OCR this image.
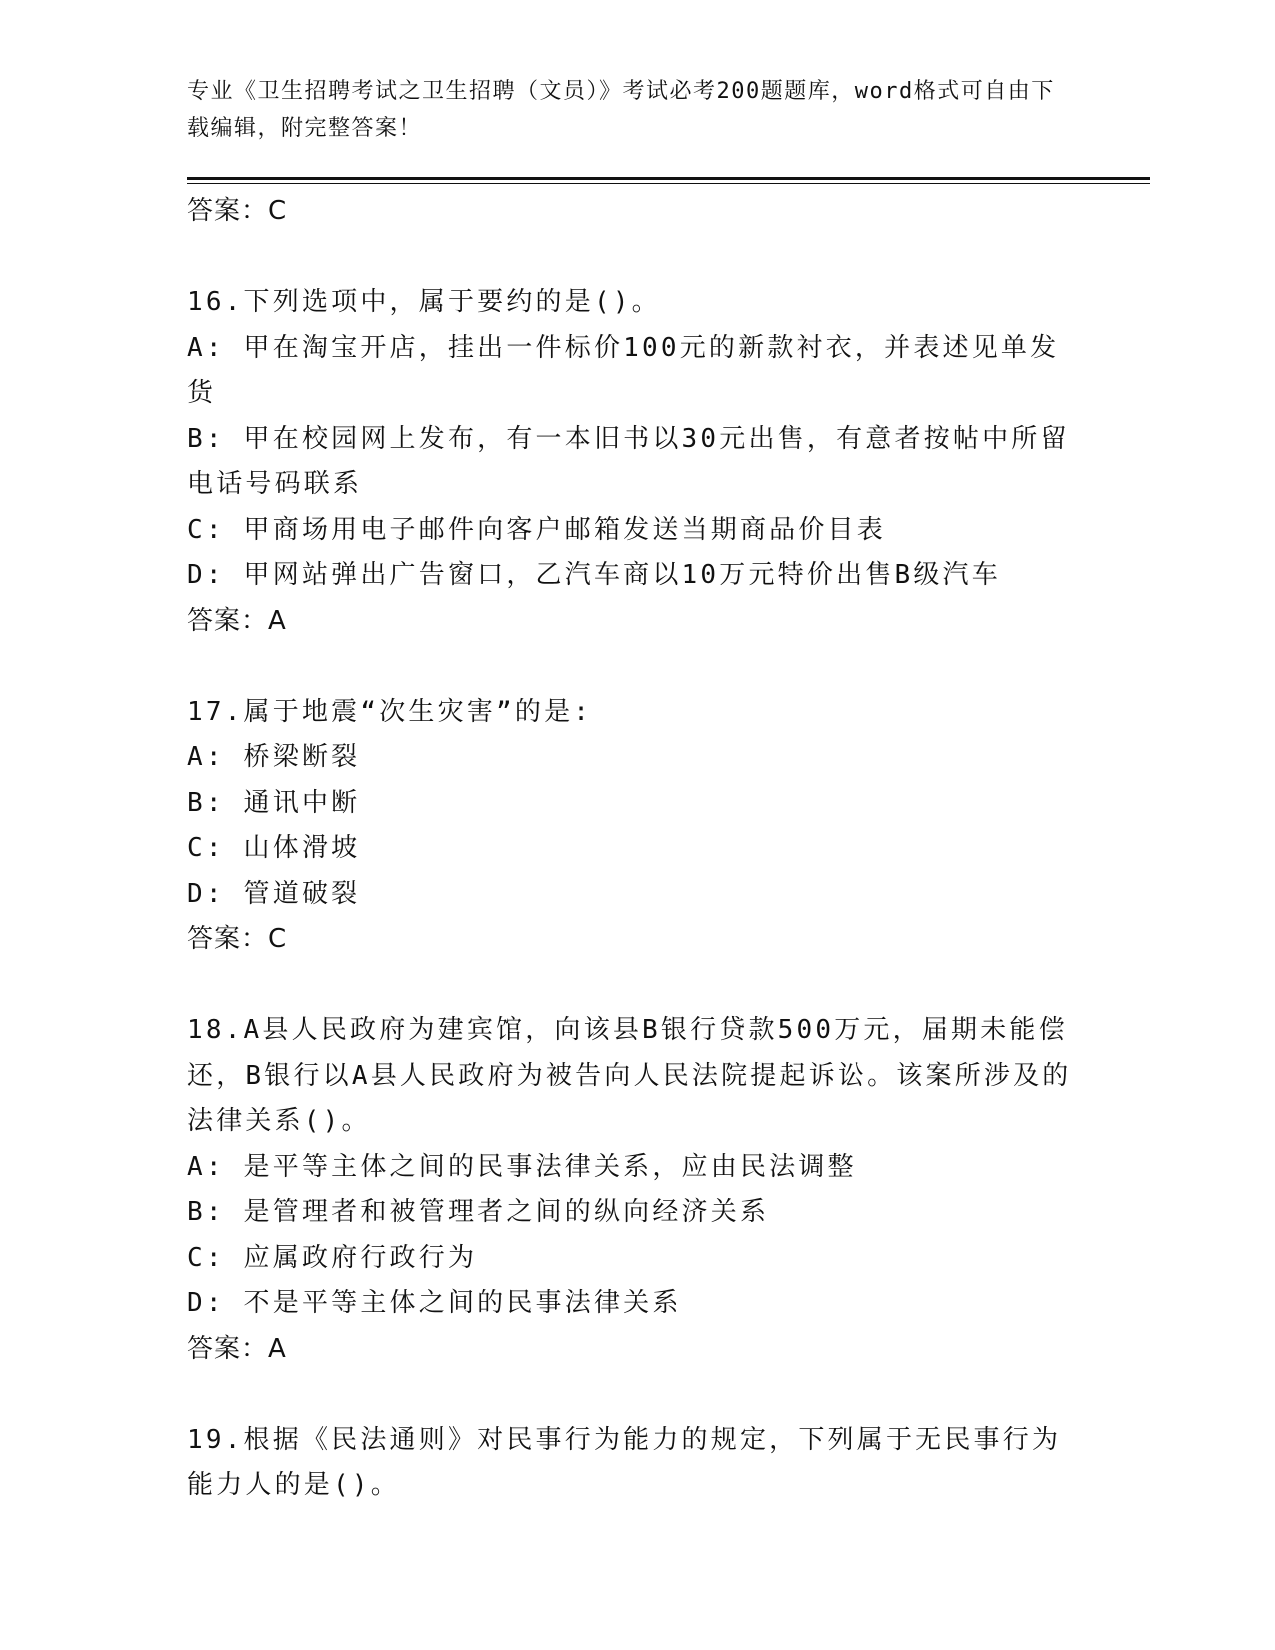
专业《卫生招聘考试之卫生招聘（文员）》考试必考200题题库，word格式可自由下载编辑，附完整答案！
答案：C
16.下列选项中，属于要约的是()。
A: 甲在淘宝开店，挂出一件标价100元的新款衬衣，并表述见单发货
B: 甲在校园网上发布，有一本旧书以30元出售，有意者按帖中所留电话号码联系
C: 甲商场用电子邮件向客户邮箱发送当期商品价目表
D: 甲网站弹出广告窗口，乙汽车商以10万元特价出售B级汽车
答案：A
17.属于地震“次生灾害”的是:
A: 桥梁断裂
B: 通讯中断
C: 山体滑坡
D: 管道破裂
答案：C
18.A县人民政府为建宾馆，向该县B银行贷款500万元，届期未能偿还，B银行以A县人民政府为被告向人民法院提起诉讼。该案所涉及的法律关系()。
A: 是平等主体之间的民事法律关系，应由民法调整
B: 是管理者和被管理者之间的纵向经济关系
C: 应属政府行政行为
D: 不是平等主体之间的民事法律关系
答案：A
19.根据《民法通则》对民事行为能力的规定，下列属于无民事行为能力人的是()。
